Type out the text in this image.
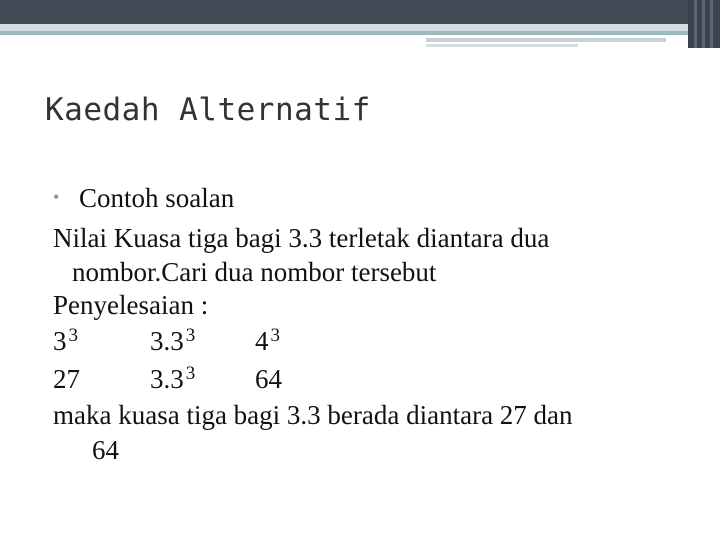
Kaedah Alternatif
• Contoh soalan
Nilai Kuasa tiga bagi 3.3 terletak diantara dua
nombor.Cari dua nombor tersebut
Penyelesaian :
3 $^3$	3.3 $^3$ 4 $^3$
27	3.3 $^3$ 64
maka kuasa tiga bagi 3.3 berada diantara 27 dan
64
